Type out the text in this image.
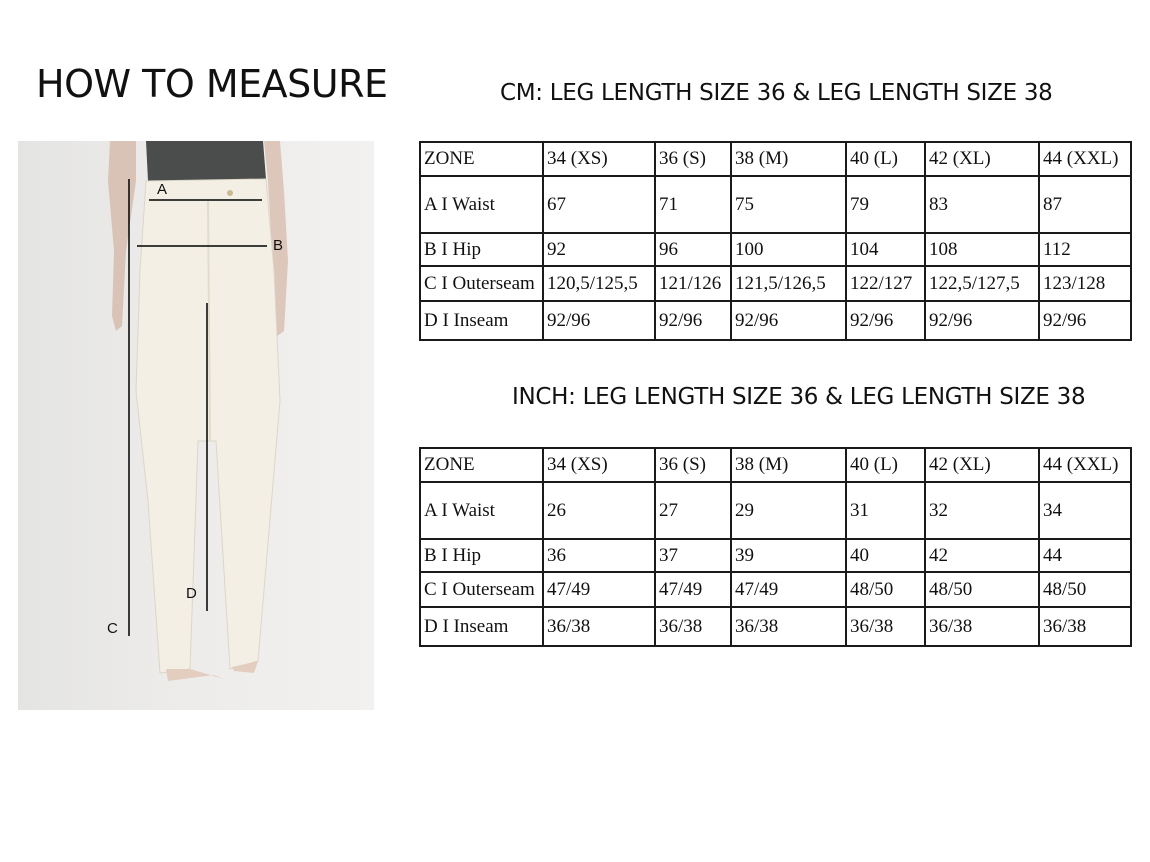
HOW TO MEASURE
A
B
C
D
CM: LEG LENGTH SIZE 36 & LEG LENGTH SIZE 38
ZONE	34 (XS)	36 (S)	38 (M)	40 (L)	42 (XL)	44 (XXL)
A I Waist	67	71	75	79	83	87
B I Hip	92	96	100	104	108	112
C I Outerseam	120,5/125,5	121/126	121,5/126,5	122/127	122,5/127,5	123/128
D I Inseam	92/96	92/96	92/96	92/96	92/96	92/96
INCH: LEG LENGTH SIZE 36 & LEG LENGTH SIZE 38
ZONE	34 (XS)	36 (S)	38 (M)	40 (L)	42 (XL)	44 (XXL)
A I Waist	26	27	29	31	32	34
B I Hip	36	37	39	40	42	44
C I Outerseam	47/49	47/49	47/49	48/50	48/50	48/50
D I Inseam	36/38	36/38	36/38	36/38	36/38	36/38
